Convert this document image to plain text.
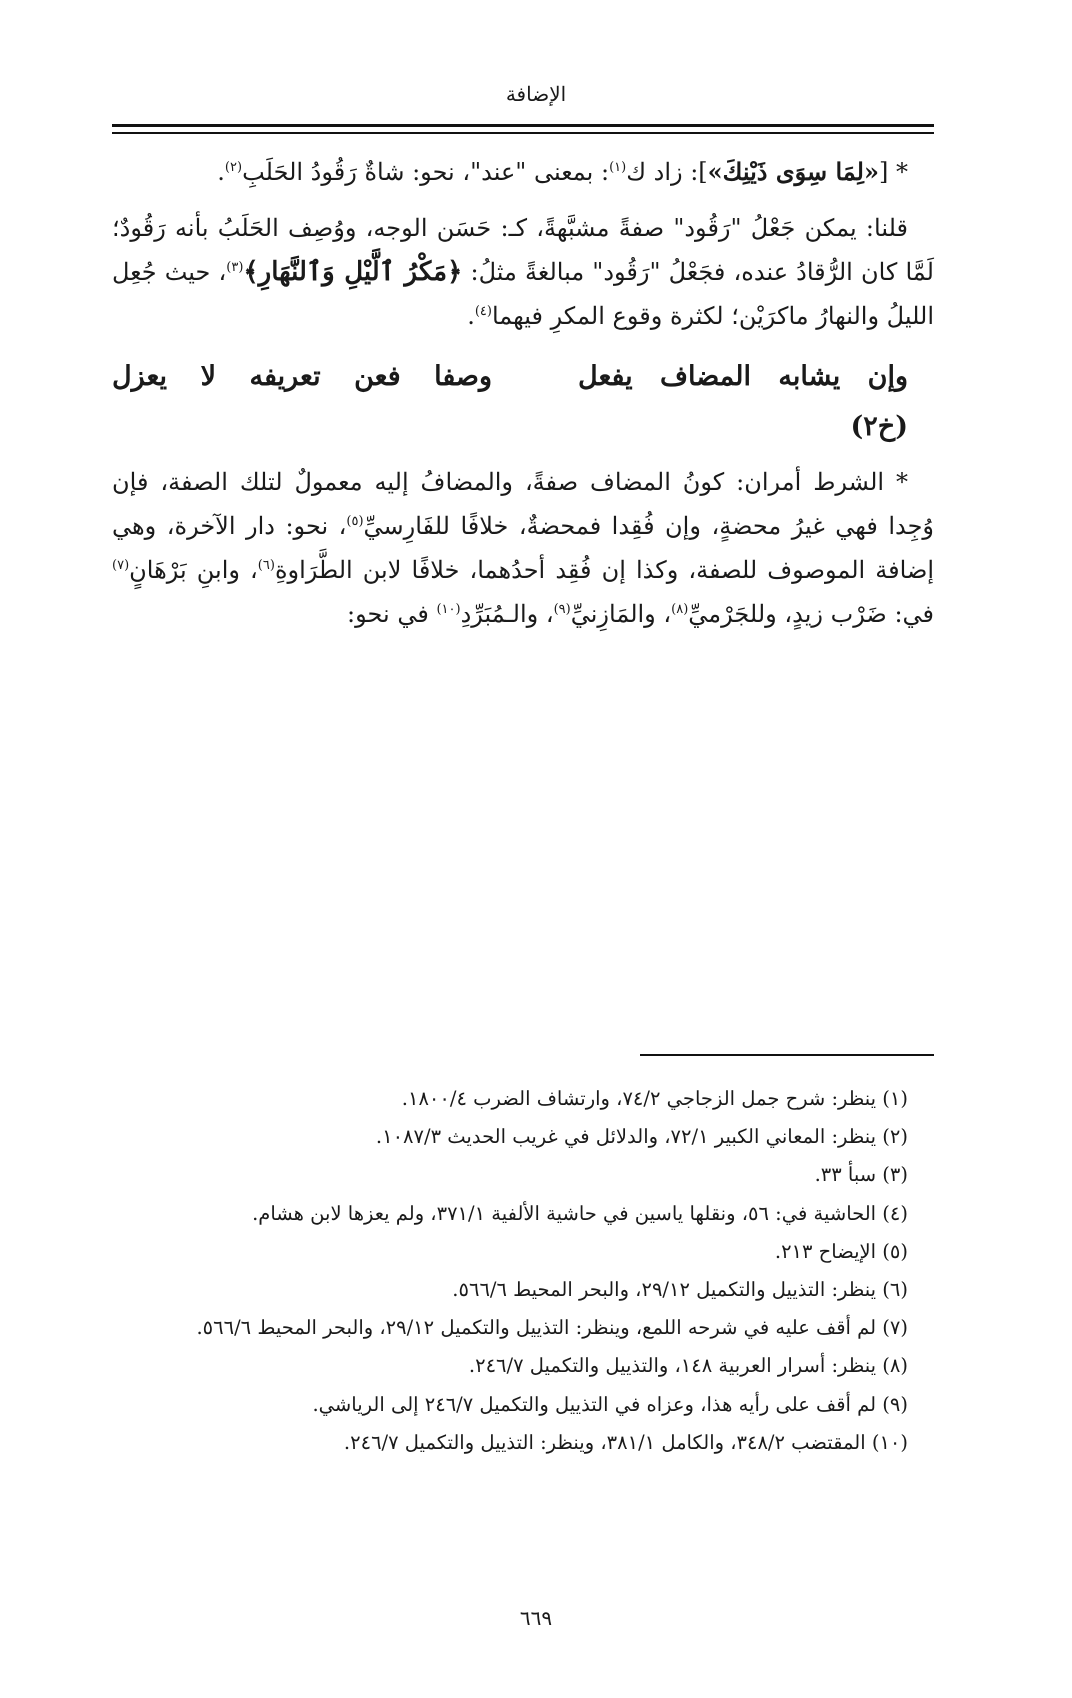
الإضافة

* [«لِمَا سِوَى ذَيْنِكَ»]: زاد ك$^{(١)}$: بمعنى "عند"، نحو: شاةٌ رَقُودُ الحَلَبِ$^{(٢)}$.

قلنا: يمكن جَعْلُ "رَقُود" صفةً مشبَّهةً، كـ: حَسَن الوجه، ووُصِف الحَلَبُ بأنه رَقُودٌ؛ لَمَّا كان الرُّقادُ عنده، فجَعْلُ "رَقُود" مبالغةً مثلُ: ﴿مَكْرُ ٱلَّيْلِ وَٱلنَّهَارِ﴾$^{(٣)}$، حيث جُعِل الليلُ والنهارُ ماكرَيْن؛ لكثرة وقوع المكرِ فيهما$^{(٤)}$.

وإن
يشابه
المضاف
يفعل
وصفا
فعن
تعريفه
لا
يعزل
(خ٢)

* الشرط أمران: كونُ المضاف صفةً، والمضافُ إليه معمولٌ لتلك الصفة، فإن وُجِدا فهي غيرُ محضةٍ، وإن فُقِدا فمحضةٌ، خلافًا للفَارِسيِّ$^{(٥)}$، نحو: دار الآخرة، وهي إضافة الموصوف للصفة، وكذا إن فُقِد أحدُهما، خلافًا لابن الطَّرَاوةِ$^{(٦)}$، وابنِ بَرْهَانٍ$^{(٧)}$ في: ضَرْب زيدٍ، وللجَرْميِّ$^{(٨)}$، والمَازِنيِّ$^{(٩)}$، والـمُبَرِّدِ$^{(١٠)}$ في نحو:

(١) ينظر: شرح جمل الزجاجي ٧٤/٢، وارتشاف الضرب ١٨٠٠/٤.

(٢) ينظر: المعاني الكبير ٧٢/١، والدلائل في غريب الحديث ١٠٨٧/٣.

(٣) سبأ ٣٣.

(٤) الحاشية في: ٥٦، ونقلها ياسين في حاشية الألفية ٣٧١/١، ولم يعزها لابن هشام.

(٥) الإيضاح ٢١٣.

(٦) ينظر: التذييل والتكميل ٢٩/١٢، والبحر المحيط ٥٦٦/٦.

(٧) لم أقف عليه في شرحه اللمع، وينظر: التذييل والتكميل ٢٩/١٢، والبحر المحيط ٥٦٦/٦.

(٨) ينظر: أسرار العربية ١٤٨، والتذييل والتكميل ٢٤٦/٧.

(٩) لم أقف على رأيه هذا، وعزاه في التذييل والتكميل ٢٤٦/٧ إلى الرياشي.

(١٠) المقتضب ٣٤٨/٢، والكامل ٣٨١/١، وينظر: التذييل والتكميل ٢٤٦/٧.

٦٦٩
